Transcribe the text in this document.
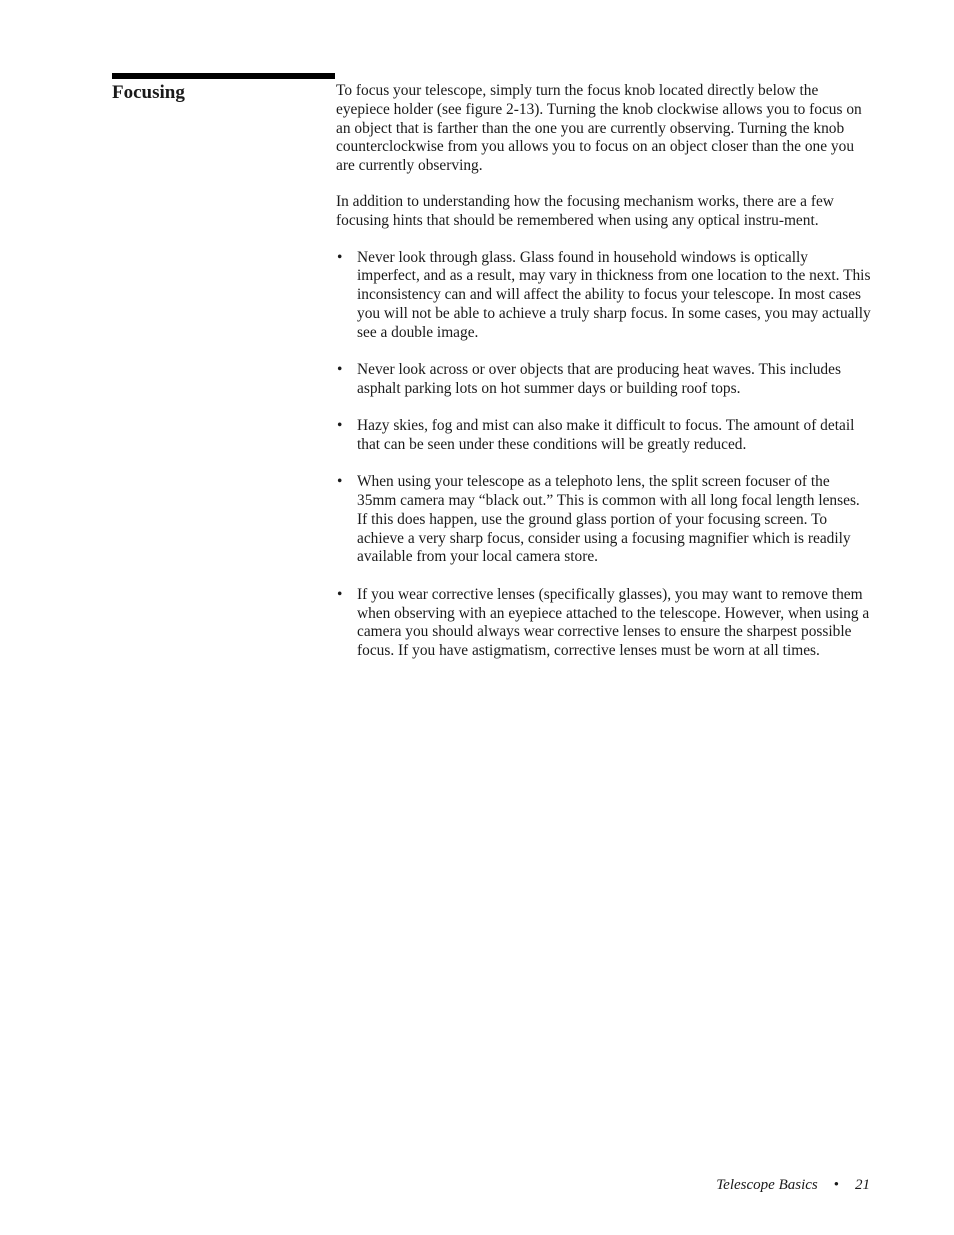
Focusing	To focus your telescope, simply turn the focus knob located directly below the eyepiece holder (see figure 2-13). Turning the knob clockwise allows you to focus on an object that is farther than the one you are currently observing. Turning the knob counterclockwise from you allows you to focus on an object closer than the one you are currently observing.

In addition to understanding how the focusing mechanism works, there are a few focusing hints that should be remembered when using any optical instru-ment.

• Never look through glass. Glass found in household windows is optically imperfect, and as a result, may vary in thickness from one location to the next. This inconsistency can and will affect the ability to focus your telescope. In most cases you will not be able to achieve a truly sharp focus. In some cases, you may actually see a double image.
• Never look across or over objects that are producing heat waves. This includes asphalt parking lots on hot summer days or building roof tops.
• Hazy skies, fog and mist can also make it difficult to focus. The amount of detail that can be seen under these conditions will be greatly reduced.
• When using your telescope as a telephoto lens, the split screen focuser of the 35mm camera may “black out.” This is common with all long focal length lenses. If this does happen, use the ground glass portion of your focusing screen. To achieve a very sharp focus, consider using a focusing magnifier which is readily available from your local camera store.
• If you wear corrective lenses (specifically glasses), you may want to remove them when observing with an eyepiece attached to the telescope. However, when using a camera you should always wear corrective lenses to ensure the sharpest possible focus. If you have astigmatism, corrective lenses must be worn at all times.
Telescope Basics • 21
